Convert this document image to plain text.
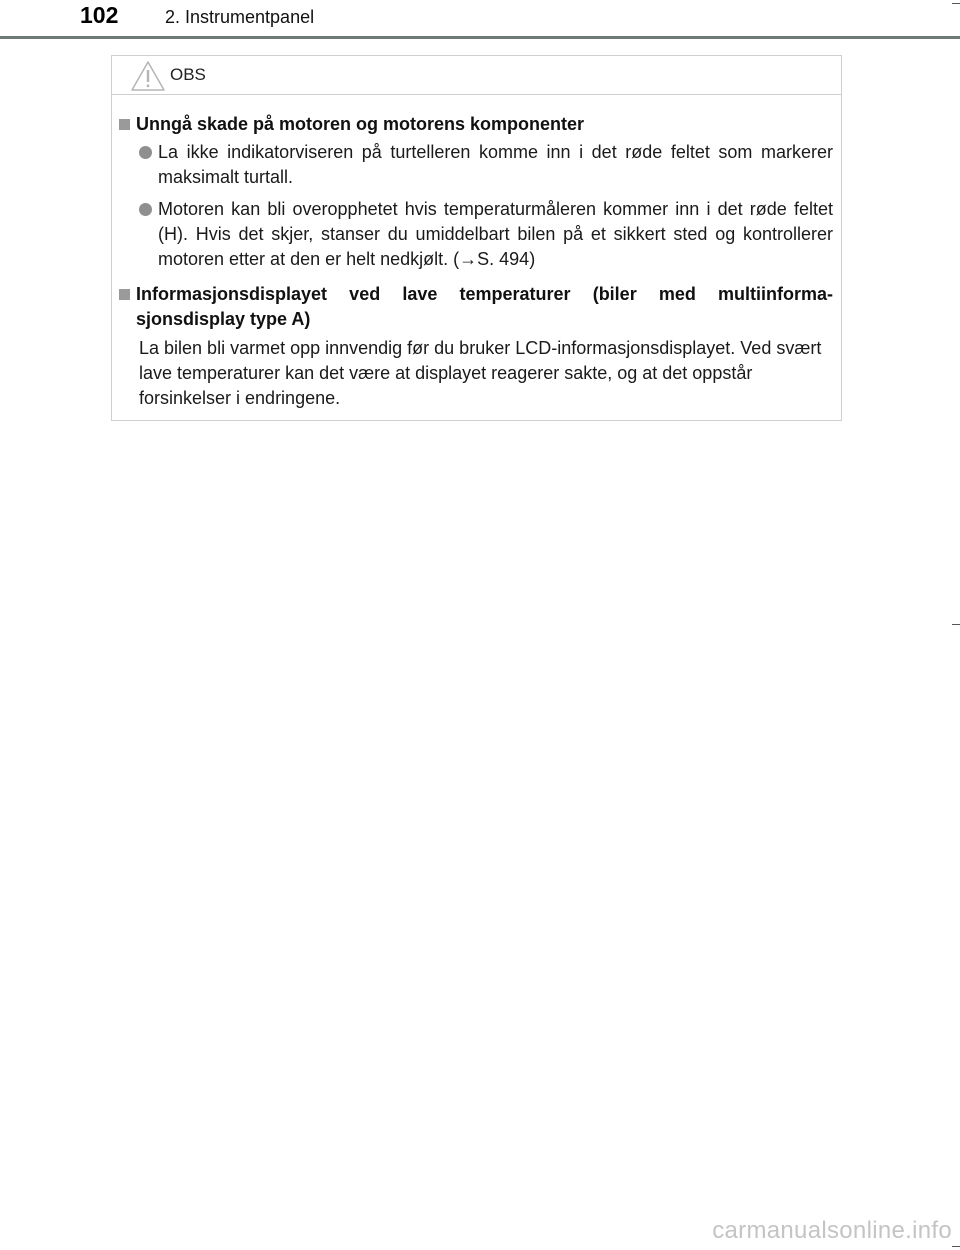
102	2. Instrumentpanel
OBS
Unngå skade på motoren og motorens komponenter
La ikke indikatorviseren på turtelleren komme inn i det røde feltet som markerer maksimalt turtall.
Motoren kan bli overopphetet hvis temperaturmåleren kommer inn i det røde feltet (H). Hvis det skjer, stanser du umiddelbart bilen på et sikkert sted og kontrollerer motoren etter at den er helt nedkjølt. (→S. 494)
Informasjonsdisplayet ved lave temperaturer (biler med multiinforma-sjonsdisplay type A)
La bilen bli varmet opp innvendig før du bruker LCD-informasjonsdisplayet. Ved svært lave temperaturer kan det være at displayet reagerer sakte, og at det oppstår forsinkelser i endringene.
carmanualsonline.info
